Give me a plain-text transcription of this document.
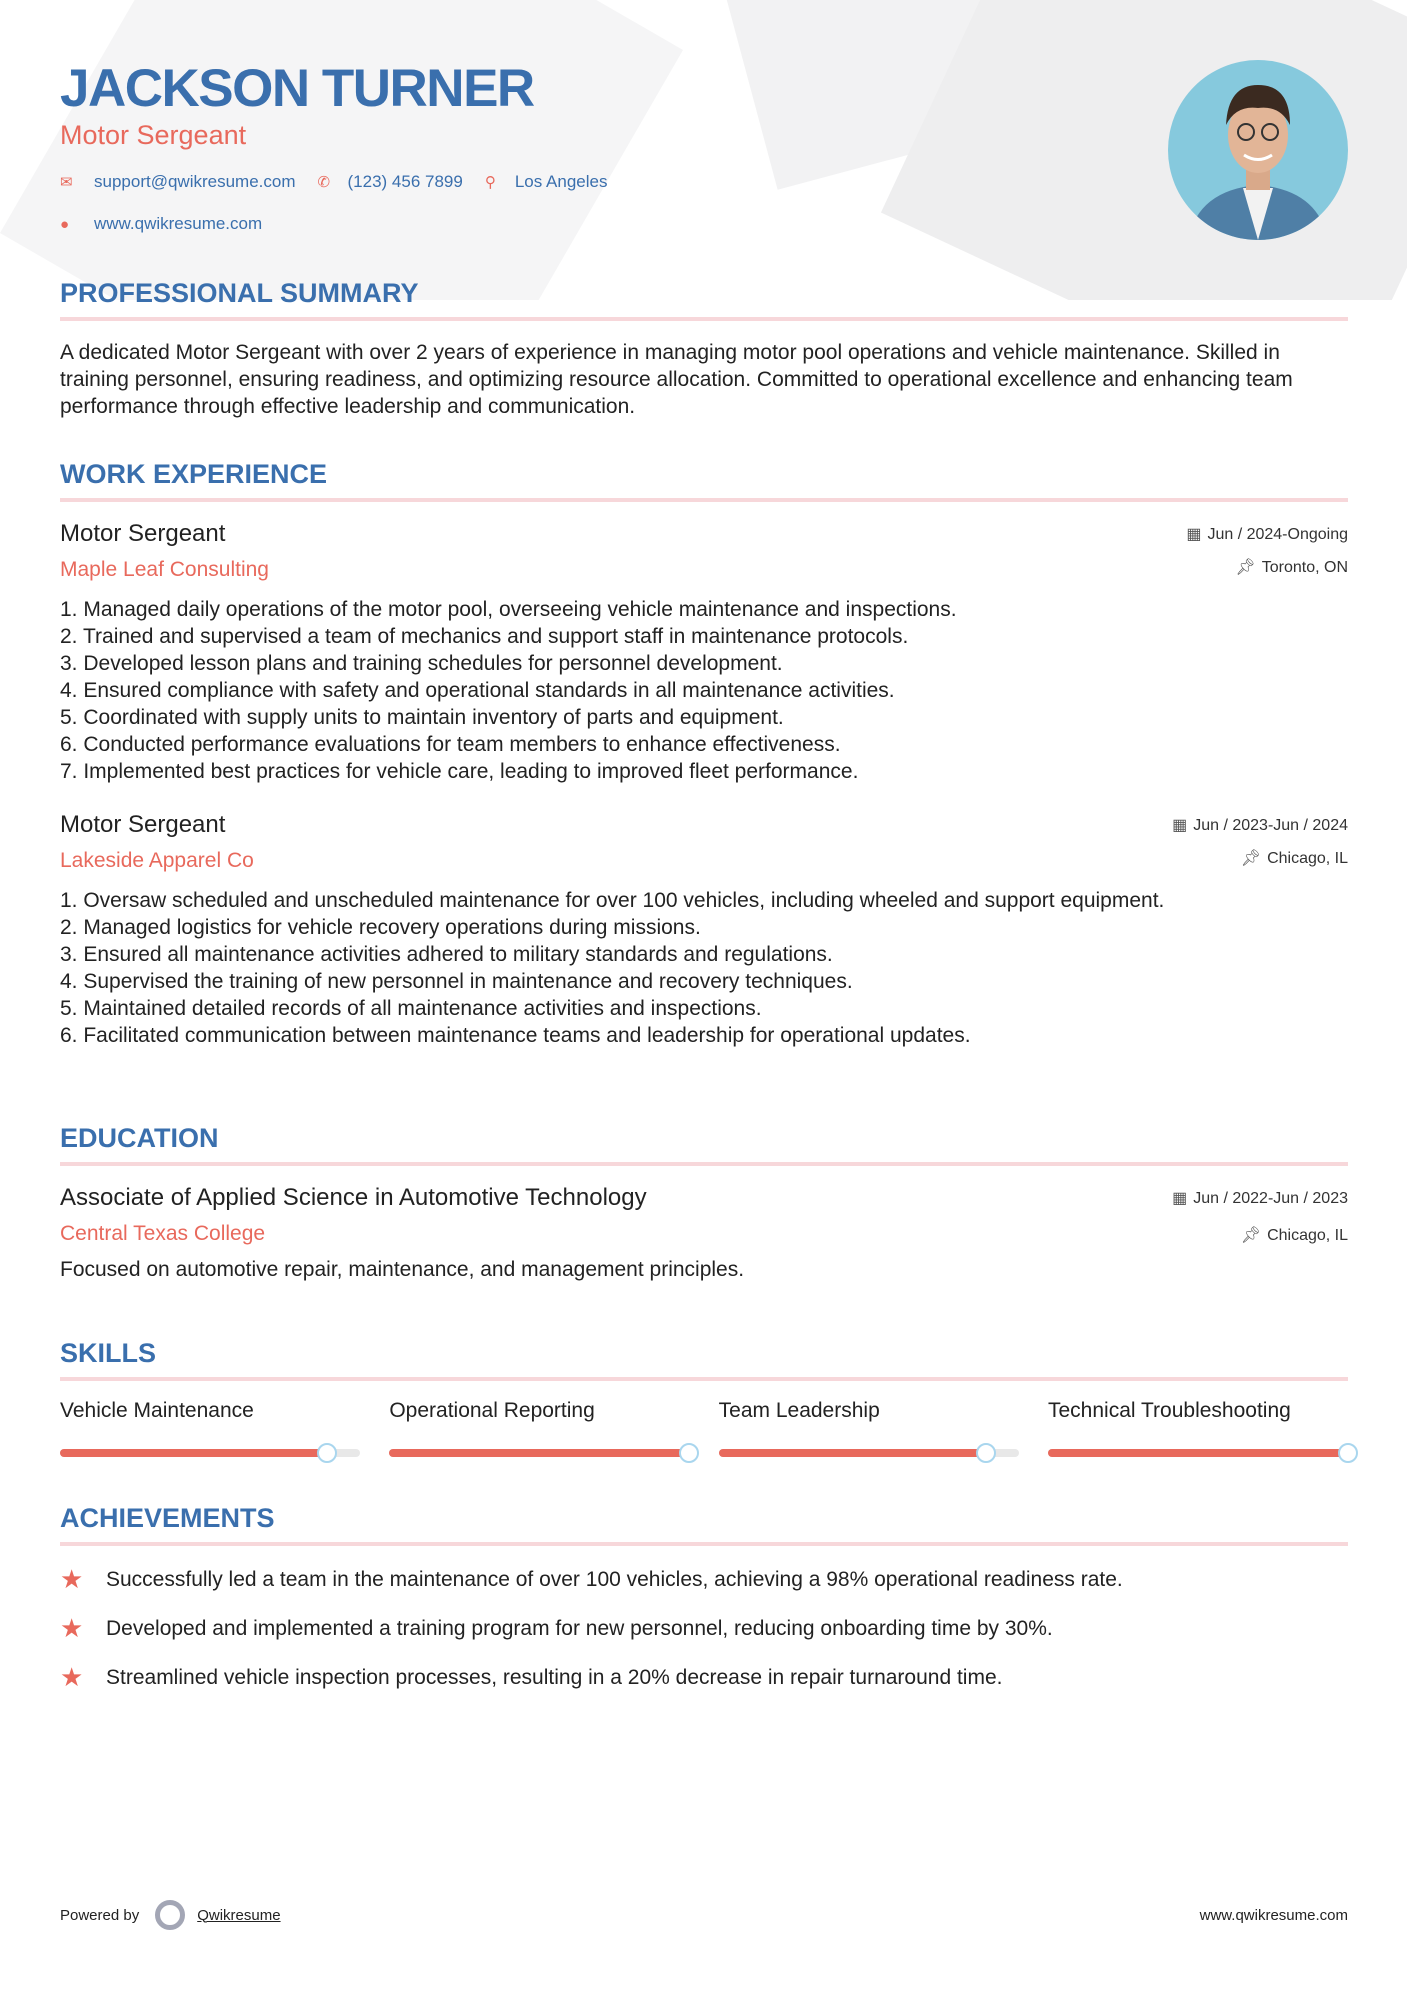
JACKSON TURNER
Motor Sergeant
✉	support@qwikresume.com ✆	(123) 456 7899 ⚲	Los Angeles
●	www.qwikresume.com
PROFESSIONAL SUMMARY

A dedicated Motor Sergeant with over 2 years of experience in managing motor pool operations and vehicle maintenance. Skilled in training personnel, ensuring readiness, and optimizing resource allocation. Committed to operational excellence and enhancing team performance through effective leadership and communication.

WORK EXPERIENCE
▦ Jun / 2024-Ongoing
📌︎ Toronto, ON
Motor Sergeant
Maple Leaf Consulting
1. Managed daily operations of the motor pool, overseeing vehicle maintenance and inspections.
2. Trained and supervised a team of mechanics and support staff in maintenance protocols.
3. Developed lesson plans and training schedules for personnel development.
4. Ensured compliance with safety and operational standards in all maintenance activities.
5. Coordinated with supply units to maintain inventory of parts and equipment.
6. Conducted performance evaluations for team members to enhance effectiveness.
7. Implemented best practices for vehicle care, leading to improved fleet performance.
▦ Jun / 2023-Jun / 2024
📌︎ Chicago, IL
Motor Sergeant
Lakeside Apparel Co
1. Oversaw scheduled and unscheduled maintenance for over 100 vehicles, including wheeled and support equipment.
2. Managed logistics for vehicle recovery operations during missions.
3. Ensured all maintenance activities adhered to military standards and regulations.
4. Supervised the training of new personnel in maintenance and recovery techniques.
5. Maintained detailed records of all maintenance activities and inspections.
6. Facilitated communication between maintenance teams and leadership for operational updates.
EDUCATION
▦ Jun / 2022-Jun / 2023
📌︎ Chicago, IL
Associate of Applied Science in Automotive Technology
Central Texas College

Focused on automotive repair, maintenance, and management principles.

SKILLS
Vehicle Maintenance	Operational Reporting	Team Leadership	Technical Troubleshooting
ACHIEVEMENTS
★	Successfully led a team in the maintenance of over 100 vehicles, achieving a 98% operational readiness rate.
★	Developed and implemented a training program for new personnel, reducing onboarding time by 30%.
★	Streamlined vehicle inspection processes, resulting in a 20% decrease in repair turnaround time.
Powered by	Qwikresume	www.qwikresume.com
